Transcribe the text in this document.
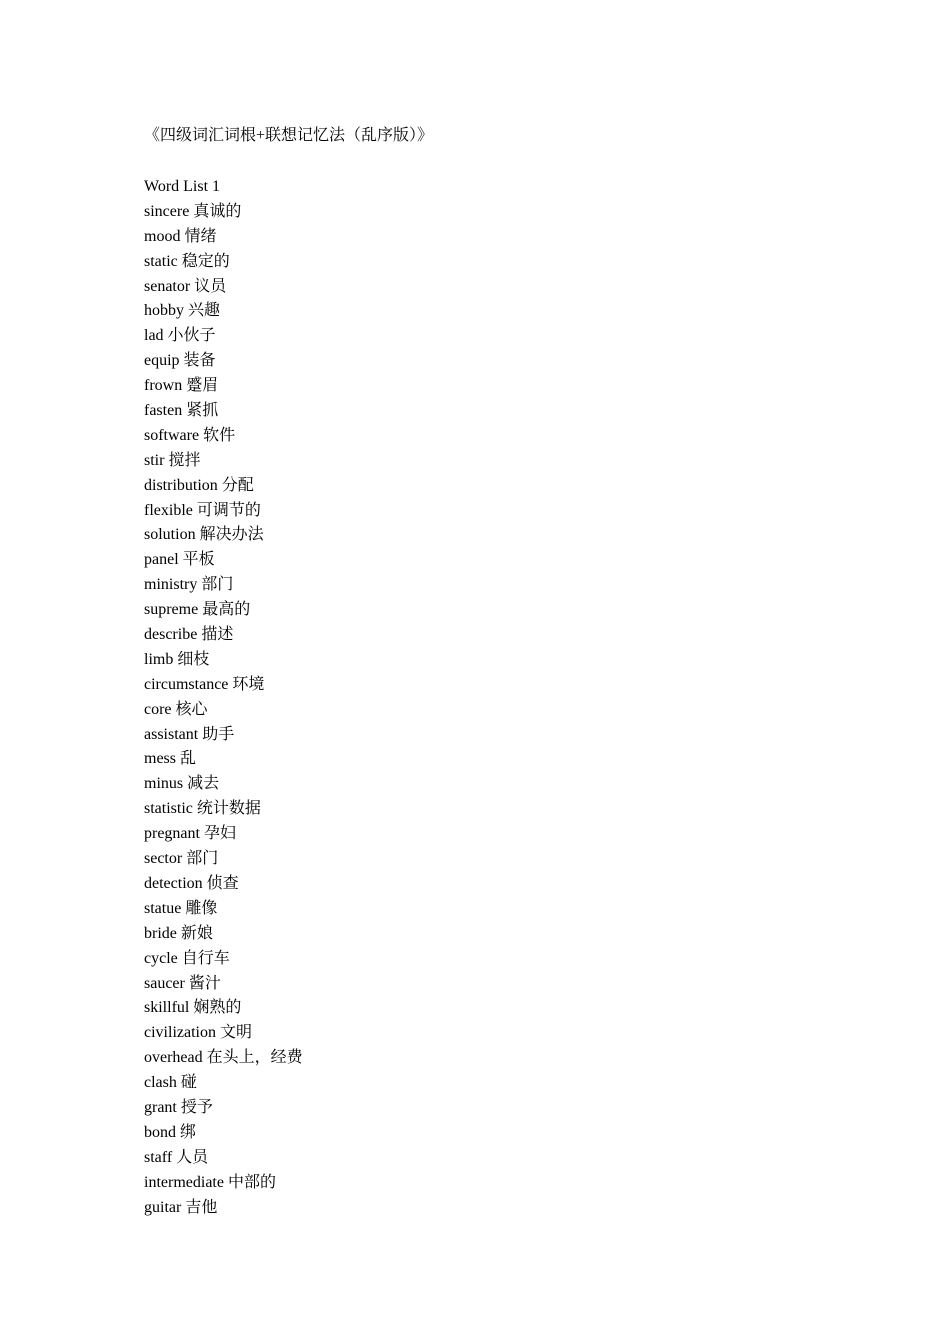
《四级词汇词根+联想记忆法（乱序版）》
Word List 1
sincere 真诚的
mood 情绪
static 稳定的
senator 议员
hobby 兴趣
lad 小伙子
equip 装备
frown 蹙眉
fasten 紧抓
software 软件
stir 搅拌
distribution 分配
flexible 可调节的
solution 解决办法
panel 平板
ministry 部门
supreme 最高的
describe 描述
limb 细枝
circumstance 环境
core 核心
assistant 助手
mess 乱
minus 减去
statistic 统计数据
pregnant 孕妇
sector 部门
detection 侦查
statue 雕像
bride 新娘
cycle 自行车
saucer 酱汁
skillful 娴熟的
civilization 文明
overhead 在头上，经费
clash 碰
grant 授予
bond 绑
staff 人员
intermediate 中部的
guitar 吉他
